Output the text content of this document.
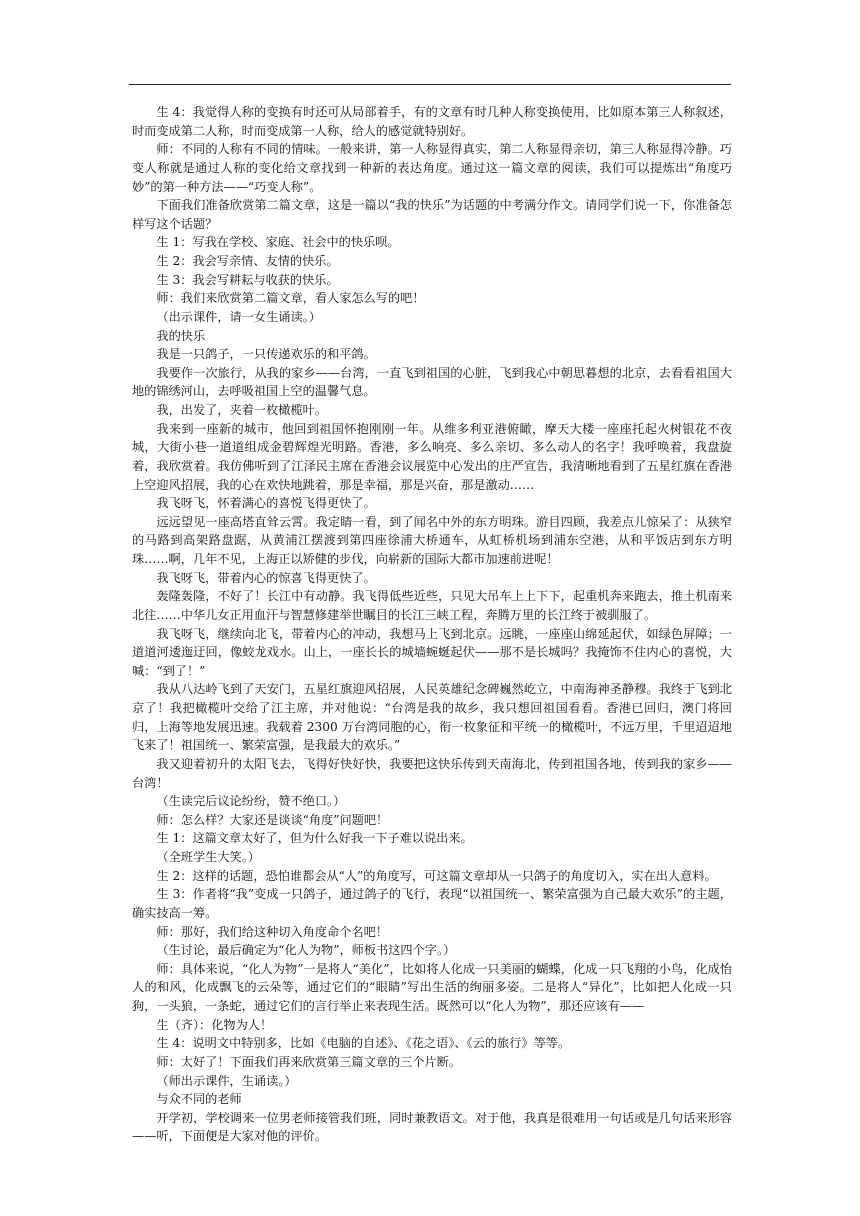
生 4：我觉得人称的变换有时还可从局部着手，有的文章有时几种人称变换使用，比如原本第三人称叙述，时而变成第二人称，时而变成第一人称，给人的感觉就特别好。

师：不同的人称有不同的情味。一般来讲，第一人称显得真实，第二人称显得亲切，第三人称显得冷静。巧变人称就是通过人称的变化给文章找到一种新的表达角度。通过这一篇文章的阅读，我们可以提炼出“角度巧妙”的第一种方法——“巧变人称”。

下面我们准备欣赏第二篇文章，这是一篇以“我的快乐”为话题的中考满分作文。请同学们说一下，你准备怎样写这个话题？

生 1：写我在学校、家庭、社会中的快乐呗。

生 2：我会写亲情、友情的快乐。

生 3：我会写耕耘与收获的快乐。

师：我们来欣赏第二篇文章，看人家怎么写的吧！

（出示课件，请一女生诵读。）

我的快乐

我是一只鸽子，一只传递欢乐的和平鸽。

我要作一次旅行，从我的家乡——台湾，一直飞到祖国的心脏，飞到我心中朝思暮想的北京，去看看祖国大地的锦绣河山，去呼吸祖国上空的温馨气息。

我，出发了，夹着一枚橄榄叶。

我来到一座新的城市，他回到祖国怀抱刚刚一年。从维多利亚港俯瞰，摩天大楼一座座托起火树银花不夜城，大街小巷一道道组成金碧辉煌光明路。香港，多么响亮、多么亲切、多么动人的名字！我呼唤着，我盘旋着，我欣赏着。我仿佛听到了江泽民主席在香港会议展览中心发出的庄严宣告，我清晰地看到了五星红旗在香港上空迎风招展，我的心在欢快地跳着，那是幸福，那是兴奋，那是激动……

我飞呀飞，怀着满心的喜悦飞得更快了。

远远望见一座高塔直耸云霄。我定睛一看，到了闻名中外的东方明珠。游目四顾，我差点儿惊呆了：从狭窄的马路到高架路盘踞，从黄浦江摆渡到第四座徐浦大桥通车，从虹桥机场到浦东空港，从和平饭店到东方明珠……啊，几年不见，上海正以矫健的步伐，向崭新的国际大都市加速前进呢！

我飞呀飞，带着内心的惊喜飞得更快了。

轰隆轰隆，不好了！长江中有动静。我飞得低些近些，只见大吊车上上下下，起重机奔来跑去，推土机南来北往……中华儿女正用血汗与智慧修建举世瞩目的长江三峡工程，奔腾万里的长江终于被驯服了。

我飞呀飞，继续向北飞，带着内心的冲动，我想马上飞到北京。远眺，一座座山绵延起伏，如绿色屏障；一道道河逶迤迂回，像蛟龙戏水。山上，一座长长的城墙蜿蜒起伏——那不是长城吗？我掩饰不住内心的喜悦，大喊：“到了！”

我从八达岭飞到了天安门，五星红旗迎风招展，人民英雄纪念碑巍然屹立，中南海神圣静穆。我终于飞到北京了！我把橄榄叶交给了江主席，并对他说：“台湾是我的故乡，我只想回祖国看看。香港已回归，澳门将回归，上海等地发展迅速。我载着 2300 万台湾同胞的心，衔一枚象征和平统一的橄榄叶，不远万里，千里迢迢地飞来了！祖国统一、繁荣富强，是我最大的欢乐。”

我又迎着初升的太阳飞去，飞得好快好快，我要把这快乐传到天南海北，传到祖国各地，传到我的家乡——台湾！

（生读完后议论纷纷，赞不绝口。）

师：怎么样？大家还是谈谈“角度”问题吧！

生 1：这篇文章太好了，但为什么好我一下子难以说出来。

（全班学生大笑。）

生 2：这样的话题，恐怕谁都会从“人”的角度写，可这篇文章却从一只鸽子的角度切入，实在出人意料。

生 3：作者将“我”变成一只鸽子，通过鸽子的飞行，表现“以祖国统一、繁荣富强为自己最大欢乐”的主题，确实技高一筹。

师：那好，我们给这种切入角度命个名吧！

（生讨论，最后确定为“化人为物”，师板书这四个字。）

师：具体来说，“化人为物”一是将人“美化”，比如将人化成一只美丽的蝴蝶，化成一只飞翔的小鸟，化成怡人的和风，化成飘飞的云朵等，通过它们的“眼睛”写出生活的绚丽多姿。二是将人“异化”，比如把人化成一只狗，一头狼，一条蛇，通过它们的言行举止来表现生活。既然可以“化人为物”，那还应该有——

生（齐）：化物为人！

生 4：说明文中特别多，比如《电脑的自述》、《花之语》、《云的旅行》等等。

师：太好了！下面我们再来欣赏第三篇文章的三个片断。

（师出示课件，生诵读。）

与众不同的老师

开学初，学校调来一位男老师接管我们班，同时兼教语文。对于他，我真是很难用一句话或是几句话来形容——听，下面便是大家对他的评价。
